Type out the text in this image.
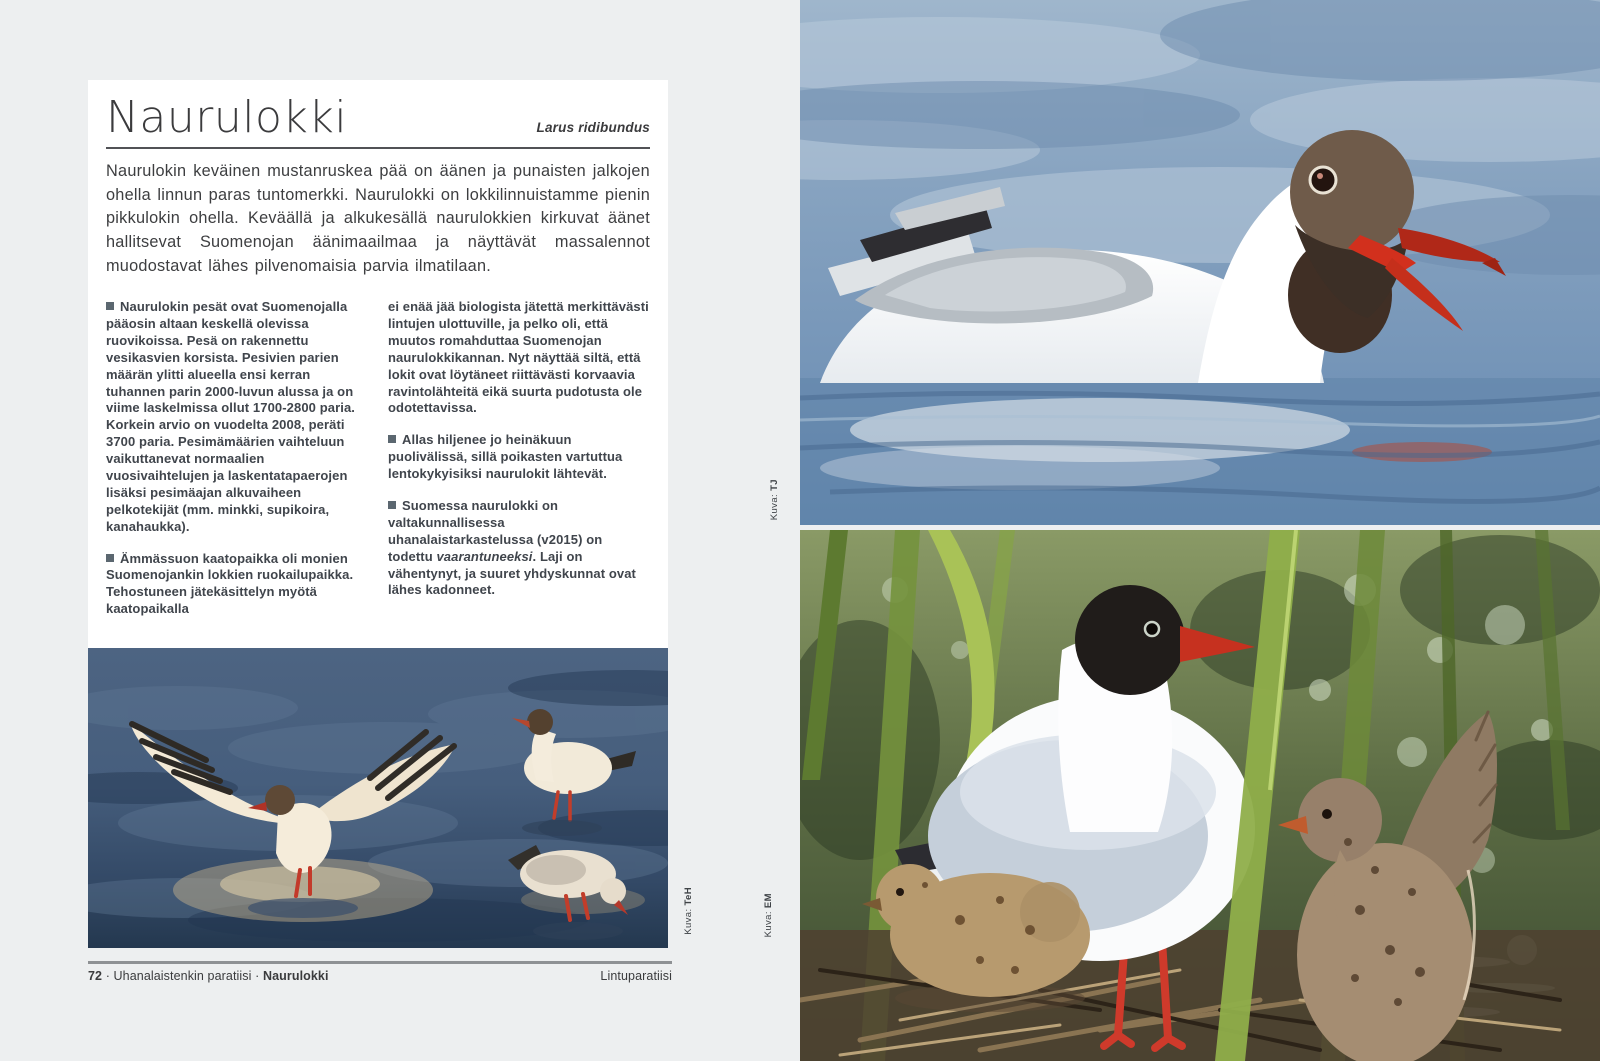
Naurulokki	Larus ridibundus

Naurulokin keväinen mustanruskea pää on äänen ja punaisten jalkojen ohella linnun paras tuntomerkki. Naurulokki on lokkilinnuistamme pienin pikkulokin ohella. Keväällä ja alkukesällä naurulokkien kirkuvat äänet hallitsevat Suomenojan äänimaailmaa ja näyttävät massalennot muodostavat lähes pilvenomaisia parvia ilmatilaan.

Naurulokin pesät ovat Suomenojalla pääosin altaan keskellä olevissa ruovikoissa. Pesä on rakennettu vesikasvien korsista. Pesivien parien määrän ylitti alueella ensi kerran tuhannen parin 2000-luvun alussa ja on viime laskelmissa ollut 1700-2800 paria. Korkein arvio on vuodelta 2008, peräti 3700 paria. Pesimämäärien vaihteluun vaikuttanevat normaalien vuosivaihtelujen ja laskentatapaerojen lisäksi pesimäajan alkuvaiheen pelkotekijät (mm. minkki, supikoira, kanahaukka).

Ämmässuon kaatopaikka oli monien Suomenojankin lokkien ruokailupaikka. Tehostuneen jätekäsittelyn myötä kaatopaikalla

ei enää jää biologista jätettä merkittävästi lintujen ulottuville, ja pelko oli, että muutos romahduttaa Suomenojan naurulokkikannan. Nyt näyttää siltä, että lokit ovat löytäneet riittävästi korvaavia ravintolähteitä eikä suurta pudotusta ole odotettavissa.

Allas hiljenee jo heinäkuun puolivälissä, sillä poikasten vartuttua lentokykyisiksi naurulokit lähtevät.

Suomessa naurulokki on valtakunnallisessa uhanalaistarkastelussa (v2015) on todettu vaarantuneeksi. Laji on vähentynyt, ja suuret yhdyskunnat ovat lähes kadonneet.

72 · Uhanalaistenkin paratiisi · Naurulokki	Lintuparatiisi
Kuva: TJ
Kuva: TeH
Kuva: EM
